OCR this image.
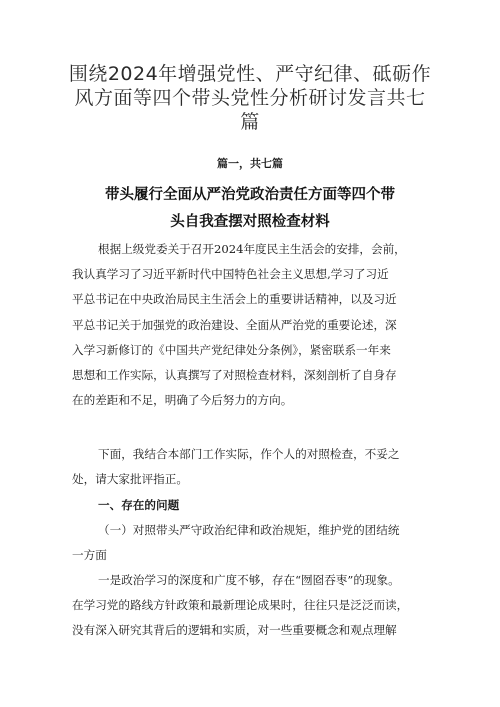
围绕2024年增强党性、严守纪律、砥砺作
风方面等四个带头党性分析研讨发言共七
篇
篇一，共七篇
带头履行全面从严治党政治责任方面等四个带
头自我查摆对照检查材料

根据上级党委关于召开2024年度民主生活会的安排，会前，
我认真学习了习近平新时代中国特色社会主义思想,学习了习近
平总书记在中央政治局民主生活会上的重要讲话精神，以及习近
平总书记关于加强党的政治建设、全面从严治党的重要论述，深
入学习新修订的《中国共产党纪律处分条例》，紧密联系一年来
思想和工作实际，认真撰写了对照检查材料，深刻剖析了自身存
在的差距和不足，明确了今后努力的方向。

下面，我结合本部门工作实际，作个人的对照检查，不妥之
处，请大家批评指正。

一、存在的问题

（一）对照带头严守政治纪律和政治规矩，维护党的团结统
一方面

一是政治学习的深度和广度不够，存在“囫囵吞枣”的现象。
在学习党的路线方针政策和最新理论成果时，往往只是泛泛而读，
没有深入研究其背后的逻辑和实质，对一些重要概念和观点理解
